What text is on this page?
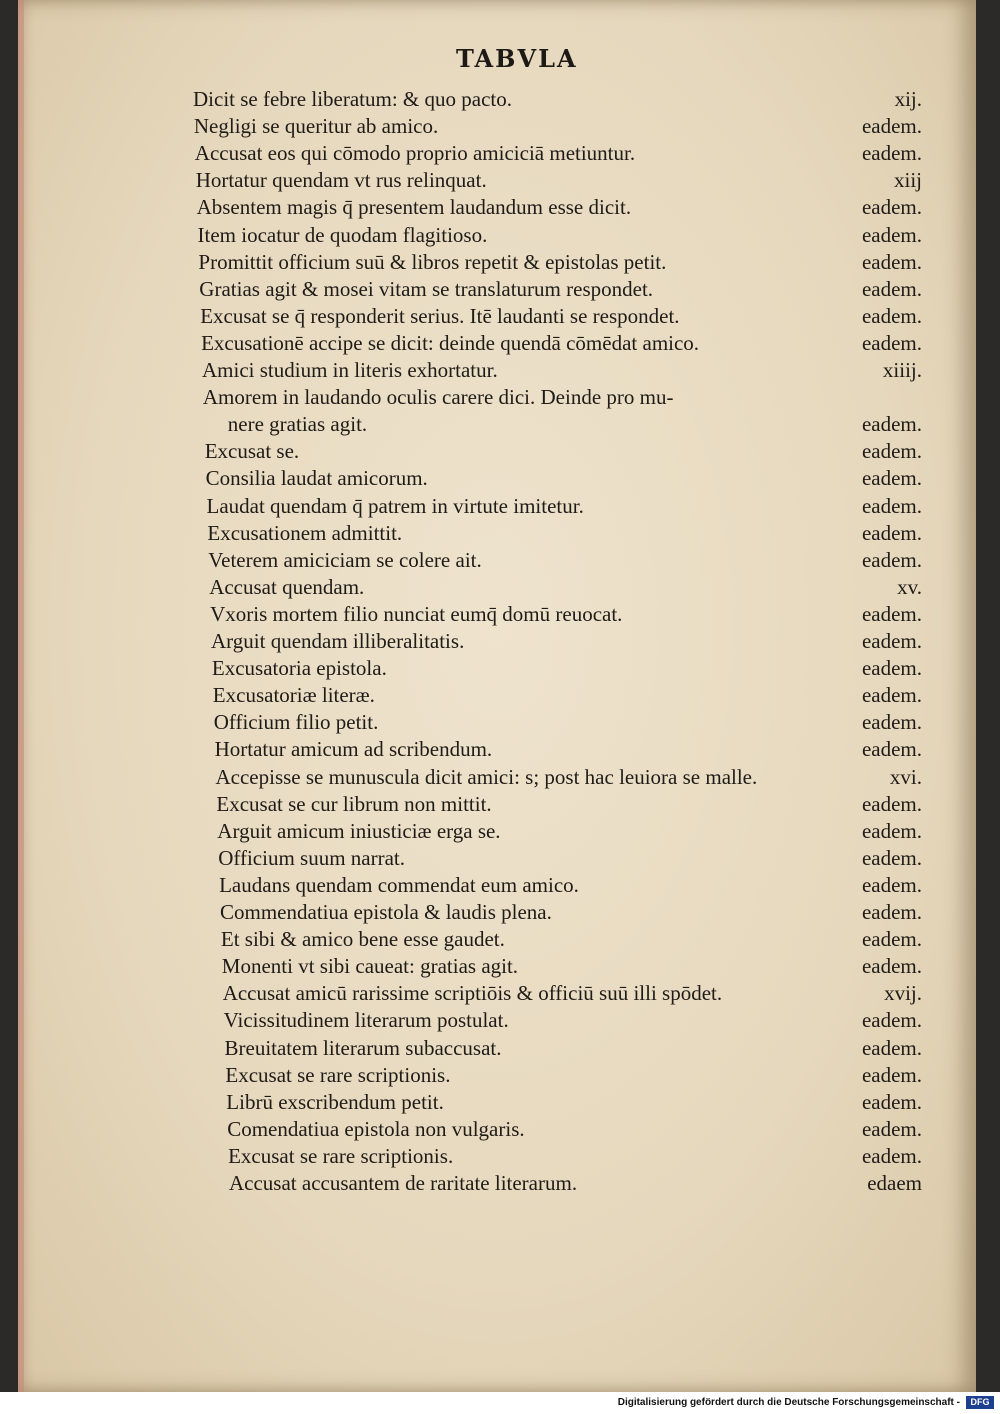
TABVLA
Dicit se febre liberatum: & quo pacto.	xij.
Negligi se queritur ab amico.	eadem.
Accusat eos qui cōmodo proprio amiciciā metiuntur.	eadem.
Hortatur quendam vt rus relinquat.	xiij
Absentem magis q̄ presentem laudandum esse dicit.	eadem.
Item iocatur de quodam flagitioso.	eadem.
Promittit officium suū & libros repetit & epistolas petit.	eadem.
Gratias agit & mosei vitam se translaturum respondet.	eadem.
Excusat se q̄ responderit serius. Itē laudanti se respondet.	eadem.
Excusationē accipe se dicit: deinde quendā cōmēdat amico.	eadem.
Amici studium in literis exhortatur.	xiiij.
Amorem in laudando oculis carere dici. Deinde pro mu-
nere gratias agit.	eadem.
Excusat se.	eadem.
Consilia laudat amicorum.	eadem.
Laudat quendam q̄ patrem in virtute imitetur.	eadem.
Excusationem admittit.	eadem.
Veterem amiciciam se colere ait.	eadem.
Accusat quendam.	xv.
Vxoris mortem filio nunciat eumq̄ domū reuocat.	eadem.
Arguit quendam illiberalitatis.	eadem.
Excusatoria epistola.	eadem.
Excusatoriæ literæ.	eadem.
Officium filio petit.	eadem.
Hortatur amicum ad scribendum.	eadem.
Accepisse se munuscula dicit amici: s; post hac leuiora se malle.	xvi.
Excusat se cur librum non mittit.	eadem.
Arguit amicum iniusticiæ erga se.	eadem.
Officium suum narrat.	eadem.
Laudans quendam commendat eum amico.	eadem.
Commendatiua epistola & laudis plena.	eadem.
Et sibi & amico bene esse gaudet.	eadem.
Monenti vt sibi caueat: gratias agit.	eadem.
Accusat amicū rarissime scriptiōis & officiū suū illi spōdet.	xvij.
Vicissitudinem literarum postulat.	eadem.
Breuitatem literarum subaccusat.	eadem.
Excusat se rare scriptionis.	eadem.
Librū exscribendum petit.	eadem.
Comendatiua epistola non vulgaris.	eadem.
Excusat se rare scriptionis.	eadem.
Accusat accusantem de raritate literarum.	edaem
Digitalisierung gefördert durch die Deutsche Forschungsgemeinschaft -	DFG
